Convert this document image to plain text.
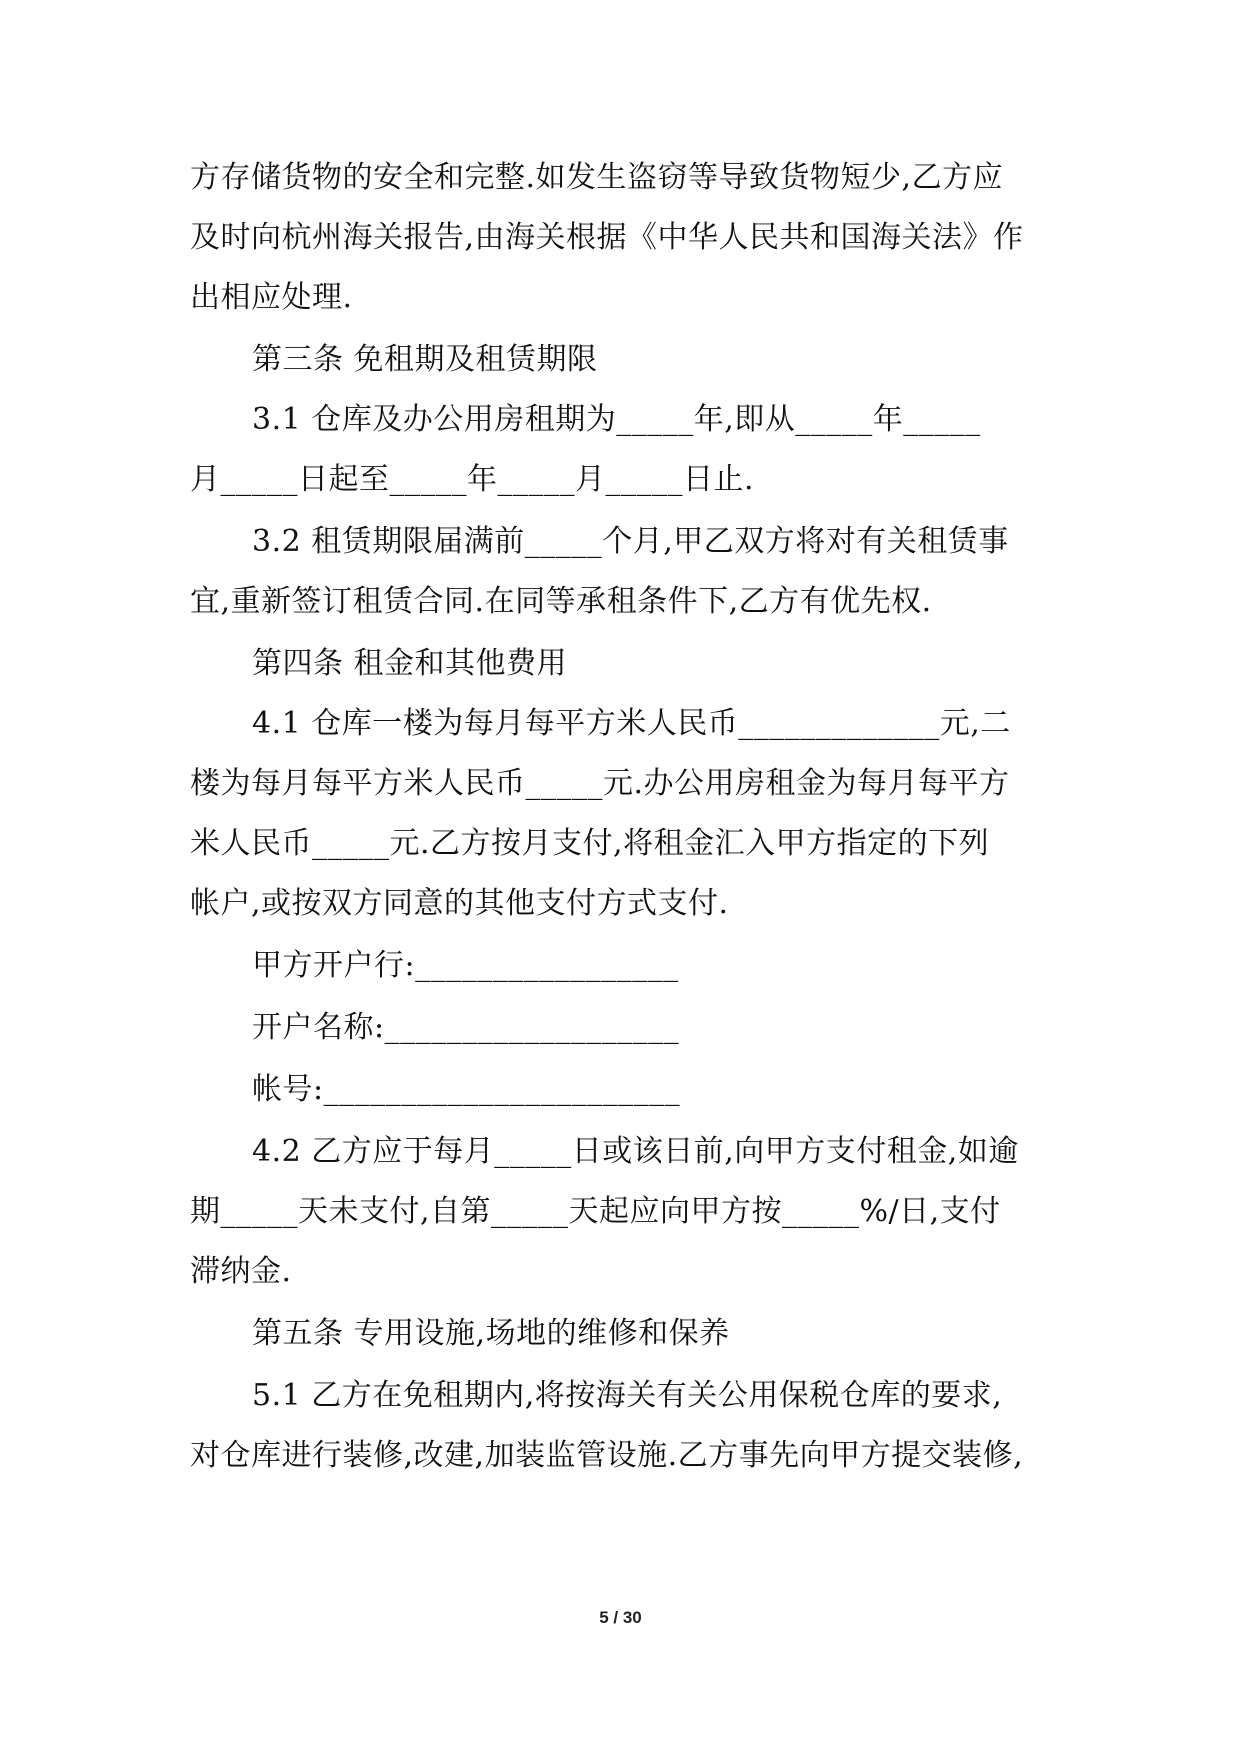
方存储货物的安全和完整.如发生盗窃等导致货物短少,乙方应
及时向杭州海关报告,由海关根据《中华人民共和国海关法》作
出相应处理.
第三条 免租期及租赁期限
3.1 仓库及办公用房租期为_____年,即从_____年_____
月_____日起至_____年_____月_____日止.
3.2 租赁期限届满前_____个月,甲乙双方将对有关租赁事
宜,重新签订租赁合同.在同等承租条件下,乙方有优先权.
第四条 租金和其他费用
4.1 仓库一楼为每月每平方米人民币_____________元,二
楼为每月每平方米人民币_____元.办公用房租金为每月每平方
米人民币_____元.乙方按月支付,将租金汇入甲方指定的下列
帐户,或按双方同意的其他支付方式支付.
甲方开户行:_________________
开户名称:___________________
帐号:_______________________
4.2 乙方应于每月_____日或该日前,向甲方支付租金,如逾
期_____天未支付,自第_____天起应向甲方按_____%/日,支付
滞纳金.
第五条 专用设施,场地的维修和保养
5.1 乙方在免租期内,将按海关有关公用保税仓库的要求,
对仓库进行装修,改建,加装监管设施.乙方事先向甲方提交装修,
5 / 30
